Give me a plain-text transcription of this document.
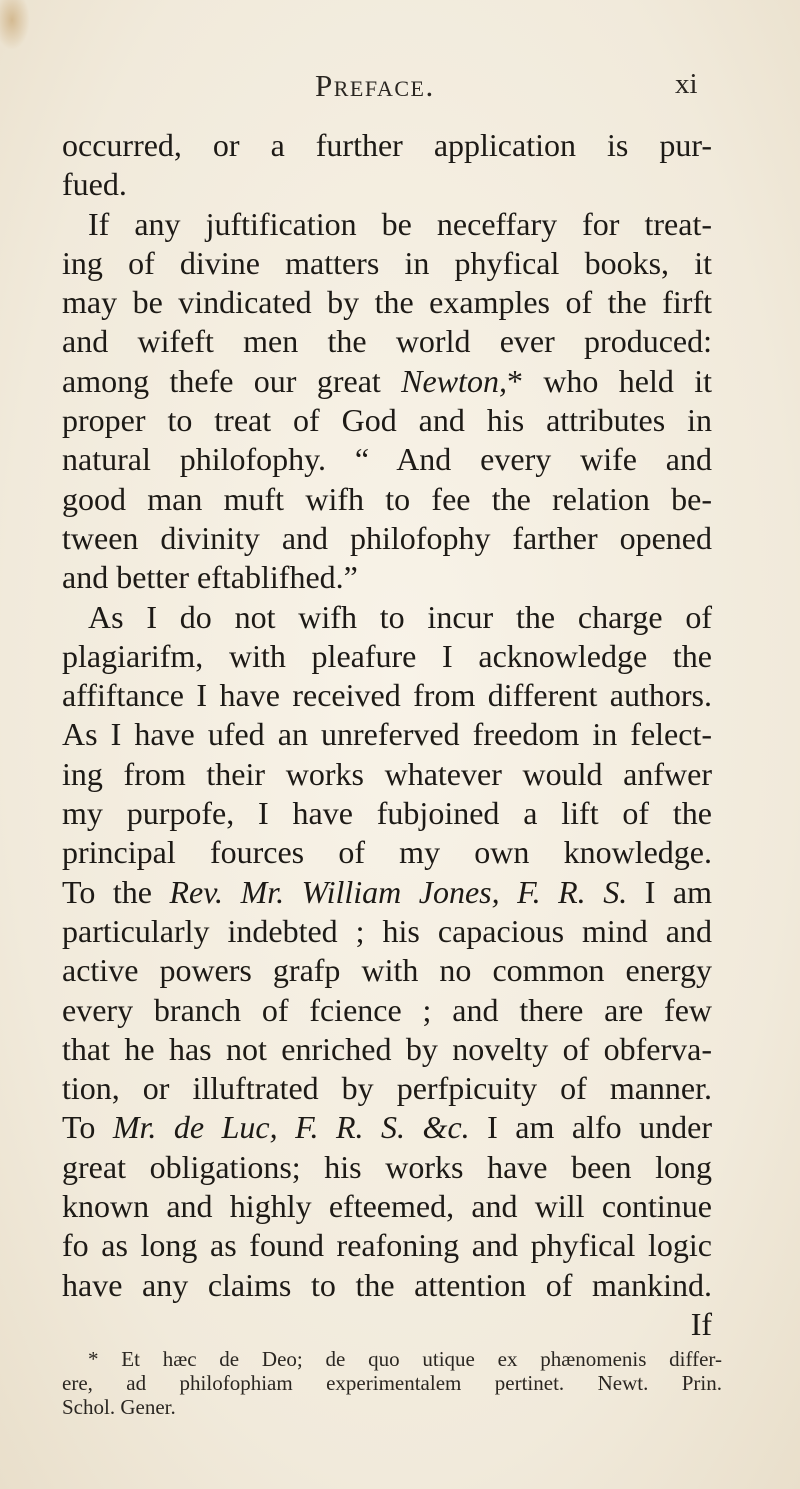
Preface.	xi
occurred, or a further application is pur-
fued.
If any juftification be neceffary for treat-
ing of divine matters in phyfical books, it
may be vindicated by the examples of the firft
and wifeft men the world ever produced:
among thefe our great Newton,* who held it
proper to treat of God and his attributes in
natural philofophy. “ And every wife and
good man muft wifh to fee the relation be-
tween divinity and philofophy farther opened
and better eftablifhed.”
As I do not wifh to incur the charge of
plagiarifm, with pleafure I acknowledge the
affiftance I have received from different authors.
As I have ufed an unreferved freedom in felect-
ing from their works whatever would anfwer
my purpofe, I have fubjoined a lift of the
principal fources of my own knowledge.
To the Rev. Mr. William Jones, F. R. S. I am
particularly indebted ; his capacious mind and
active powers grafp with no common energy
every branch of fcience ; and there are few
that he has not enriched by novelty of obferva-
tion, or illuftrated by perfpicuity of manner.
To Mr. de Luc, F. R. S. &c. I am alfo under
great obligations; his works have been long
known and highly efteemed, and will continue
fo as long as found reafoning and phyfical logic
have any claims to the attention of mankind.
If
* Et hæc de Deo; de quo utique ex phænomenis differ-
ere, ad philofophiam experimentalem pertinet. Newt. Prin.
Schol. Gener.
